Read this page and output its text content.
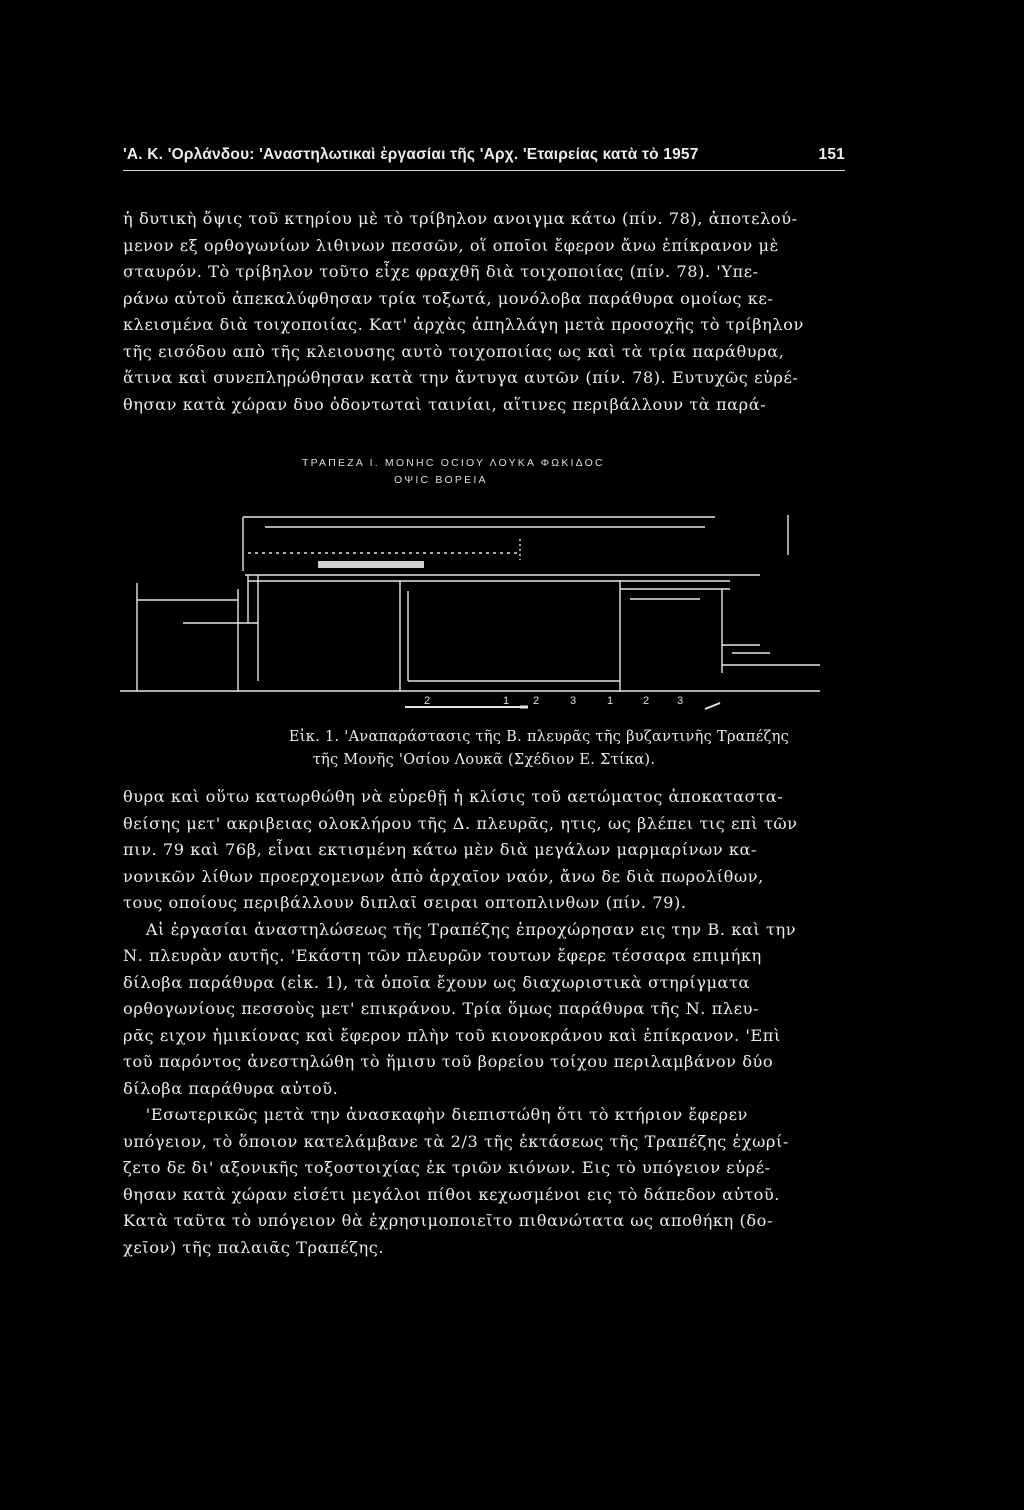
'Α. Κ. 'Ορλάνδου: 'Αναστηλωτικαὶ ἐργασίαι τῆς 'Αρχ. 'Εταιρείας κατὰ τὸ 1957	151
ἡ δυτικὴ ὄψις τοῦ κτηρίου μὲ τὸ τρίβηλον ανοιγμα κάτω (πίν. 78), ἀποτελού-
μενον εξ ορθογωνίων λιθινων πεσσῶν, οἵ οποῖοι ἔφερον ἄνω ἐπίκρανον μὲ
σταυρόν. Τὸ τρίβηλον τοῦτο εἶχε φραχθῆ διὰ τοιχοποιίας (πίν. 78). 'Υπε-
ράνω αὐτοῦ ἀπεκαλύφθησαν τρία τοξωτά, μονόλοβα παράθυρα ομοίως κε-
κλεισμένα διὰ τοιχοποιίας. Κατ' ἀρχὰς ἀπηλλάγη μετὰ προσοχῆς τὸ τρίβηλον
τῆς εισόδου απὸ τῆς κλειουσης αυτὸ τοιχοποιίας ως καὶ τὰ τρία παράθυρα,
ἅτινα καὶ συνεπληρώθησαν κατὰ την ἄντυγα αυτῶν (πίν. 78). Ευτυχῶς εὑρέ-
θησαν κατὰ χώραν δυο ὀδοντωταὶ ταινίαι, αἵτινες περιβάλλουν τὰ παρά-
ΤΡΑΠΕΖΑ Ι. ΜΟΝΗC ΟCΙΟΥ ΛΟΥΚΑ ΦΩΚΙΔΟC
ΟΨΙC ΒΟΡΕΙΑ
2	1 2	3	1	2	3
Εἰκ. 1. 'Αναπαράστασις τῆς Β. πλευρᾶς τῆς βυζαντινῆς Τραπέζης
τῆς Μονῆς 'Οσίου Λουκᾶ (Σχέδιον Ε. Στίκα).
θυρα καὶ οὕτω κατωρθώθη νὰ εὑρεθῇ ἡ κλίσις τοῦ αετώματος ἀποκαταστα-
θείσης μετ' ακριβειας ολοκλήρου τῆς Δ. πλευρᾶς, ητις, ως βλέπει τις επὶ τῶν
πιν. 79 καὶ 76β, εἶναι εκτισμένη κάτω μὲν διὰ μεγάλων μαρμαρίνων κα-
νονικῶν λίθων προερχομενων ἀπὸ ἀρχαῖον ναόν, ἄνω δε διὰ πωρολίθων,
τους οποίους περιβάλλουν διπλαῖ σειραι οπτοπλινθων (πίν. 79).
Αἱ ἐργασίαι ἀναστηλώσεως τῆς Τραπέζης ἐπροχώρησαν εις την Β. καὶ την
Ν. πλευρὰν αυτῆς. 'Εκάστη τῶν πλευρῶν τουτων ἔφερε τέσσαρα επιμήκη
δίλοβα παράθυρα (εἰκ. 1), τὰ ὁποῖα ἔχουν ως διαχωριστικὰ στηρίγματα
ορθογωνίους πεσσοὺς μετ' επικράνου. Τρία ὅμως παράθυρα τῆς Ν. πλευ-
ρᾶς ειχον ἡμικίονας καὶ ἔφερον πλὴν τοῦ κιονοκράνου καὶ ἐπίκρανον. 'Επὶ
τοῦ παρόντος ἀνεστηλώθη τὸ ἥμισυ τοῦ βορείου τοίχου περιλαμβάνον δύο
δίλοβα παράθυρα αὐτοῦ.
'Εσωτερικῶς μετὰ την ἀνασκαφὴν διεπιστώθη ὅτι τὸ κτήριον ἔφερεν
υπόγειον, τὸ ὅποιον κατελάμβανε τὰ 2/3 τῆς ἐκτάσεως τῆς Τραπέζης ἐχωρί-
ζετο δε δι' αξονικῆς τοξοστοιχίας ἐκ τριῶν κιόνων. Εις τὸ υπόγειον εὑρέ-
θησαν κατὰ χώραν εἰσέτι μεγάλοι πίθοι κεχωσμένοι εις τὸ δάπεδον αὐτοῦ.
Κατὰ ταῦτα τὸ υπόγειον θὰ ἐχρησιμοποιεῖτο πιθανώτατα ως αποθήκη (δο-
χεῖον) τῆς παλαιᾶς Τραπέζης.
